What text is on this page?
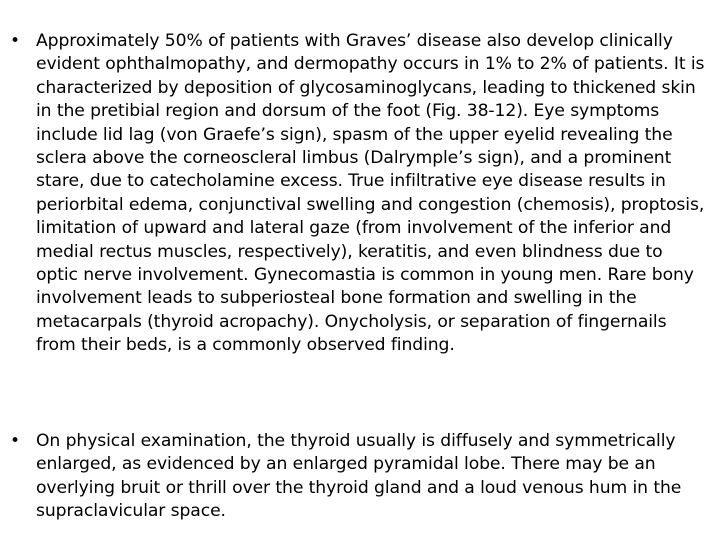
• Approximately 50% of patients with Graves’ disease also develop clinically evident ophthalmopathy, and dermopathy occurs in 1% to 2% of patients. It is characterized by deposition of glycosaminoglycans, leading to thickened skin in the pretibial region and dorsum of the foot (Fig. 38-12). Eye symptoms include lid lag (von Graefe’s sign), spasm of the upper eyelid revealing the sclera above the corneoscleral limbus (Dalrymple’s sign), and a prominent stare, due to catecholamine excess. True infiltrative eye disease results in periorbital edema, conjunctival swelling and congestion (chemosis), proptosis, limitation of upward and lateral gaze (from involvement of the inferior and medial rectus muscles, respectively), keratitis, and even blindness due to optic nerve involvement. Gynecomastia is common in young men. Rare bony involvement leads to subperiosteal bone formation and swelling in the metacarpals (thyroid acropachy). Onycholysis, or separation of fingernails from their beds, is a commonly observed finding.
• On physical examination, the thyroid usually is diffusely and symmetrically enlarged, as evidenced by an enlarged pyramidal lobe. There may be an overlying bruit or thrill over the thyroid gland and a loud venous hum in the supraclavicular space.
